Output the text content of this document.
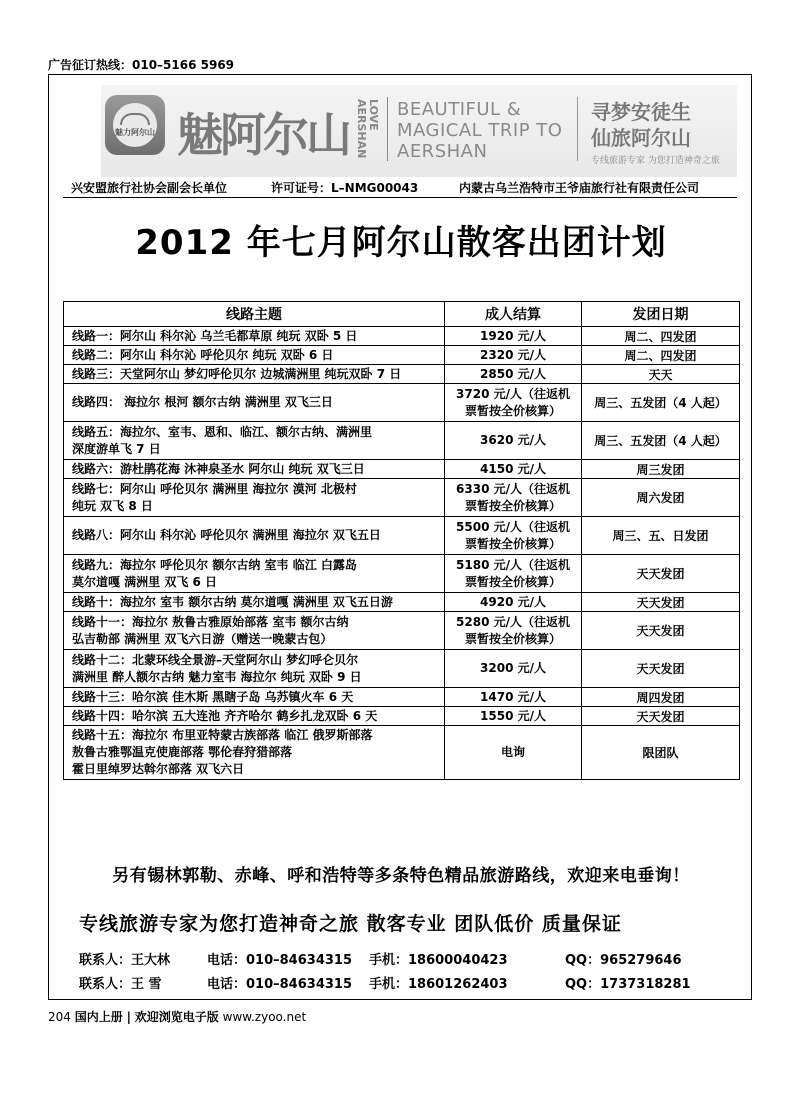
广告征订热线：010–5166 5969
魅力阿尔山 魅阿尔山	LOVE AERSHAN	BEAUTIFUL &
MAGICAL TRIP TO
AERSHAN
寻梦安徒生
仙旅阿尔山
专线旅游专家 为您打造神奇之旅
兴安盟旅行社协会副会长单位	许可证号：L–NMG00043	内蒙古乌兰浩特市王爷庙旅行社有限责任公司
2012 年七月阿尔山散客出团计划
线路主题	成人结算	发团日期

线路一：阿尔山 科尔沁 乌兰毛都草原 纯玩 双卧 5 日	1920 元/人	周二、四发团

线路二：阿尔山 科尔沁 呼伦贝尔 纯玩 双卧 6 日	2320 元/人	周二、四发团

线路三：天堂阿尔山 梦幻呼伦贝尔 边城满洲里 纯玩双卧 7 日	2850 元/人	天天

线路四： 海拉尔 根河 额尔古纳 满洲里 双飞三日	3720 元/人（往返机
票暂按全价核算）	周三、五发团（4 人起）

线路五：海拉尔、室韦、恩和、临江、额尔古纳、满洲里
深度游单飞 7 日	3620 元/人	周三、五发团（4 人起）

线路六：游杜鹃花海 沐神泉圣水 阿尔山 纯玩 双飞三日	4150 元/人	周三发团

线路七：阿尔山 呼伦贝尔 满洲里 海拉尔 漠河 北极村
纯玩 双飞 8 日	6330 元/人（往返机
票暂按全价核算）	周六发团

线路八：阿尔山 科尔沁 呼伦贝尔 满洲里 海拉尔 双飞五日	5500 元/人（往返机
票暂按全价核算）	周三、五、日发团

线路九：海拉尔 呼伦贝尔 额尔古纳 室韦 临江 白露岛
莫尔道嘎 满洲里 双飞 6 日	5180 元/人（往返机
票暂按全价核算）	天天发团

线路十：海拉尔 室韦 额尔古纳 莫尔道嘎 满洲里 双飞五日游	4920 元/人	天天发团

线路十一：海拉尔 敖鲁古雅原始部落 室韦 额尔古纳
弘吉勒部 满洲里 双飞六日游（赠送一晚蒙古包）	5280 元/人（往返机
票暂按全价核算）	天天发团

线路十二：北蒙环线全景游–天堂阿尔山 梦幻呼仑贝尔
满洲里 醉人额尔古纳 魅力室韦 海拉尔 纯玩 双卧 9 日	3200 元/人	天天发团

线路十三：哈尔滨 佳木斯 黑瞎子岛 乌苏镇火车 6 天	1470 元/人	周四发团

线路十四：哈尔滨 五大连池 齐齐哈尔 鹤乡扎龙双卧 6 天	1550 元/人	天天发团

线路十五：海拉尔 布里亚特蒙古族部落 临江 俄罗斯部落
敖鲁古雅鄂温克使鹿部落 鄂伦春狩猎部落
霍日里绰罗达斡尔部落 双飞六日	电询	限团队
另有锡林郭勒、赤峰、呼和浩特等多条特色精品旅游路线，欢迎来电垂询！
专线旅游专家为您打造神奇之旅 散客专业 团队低价 质量保证
联系人：王大林	电话：010–84634315 手机：18600040423	QQ：965279646
联系人：王 雪	电话：010–84634315 手机：18601262403	QQ：1737318281
204 国内上册 | 欢迎浏览电子版 www.zyoo.net
